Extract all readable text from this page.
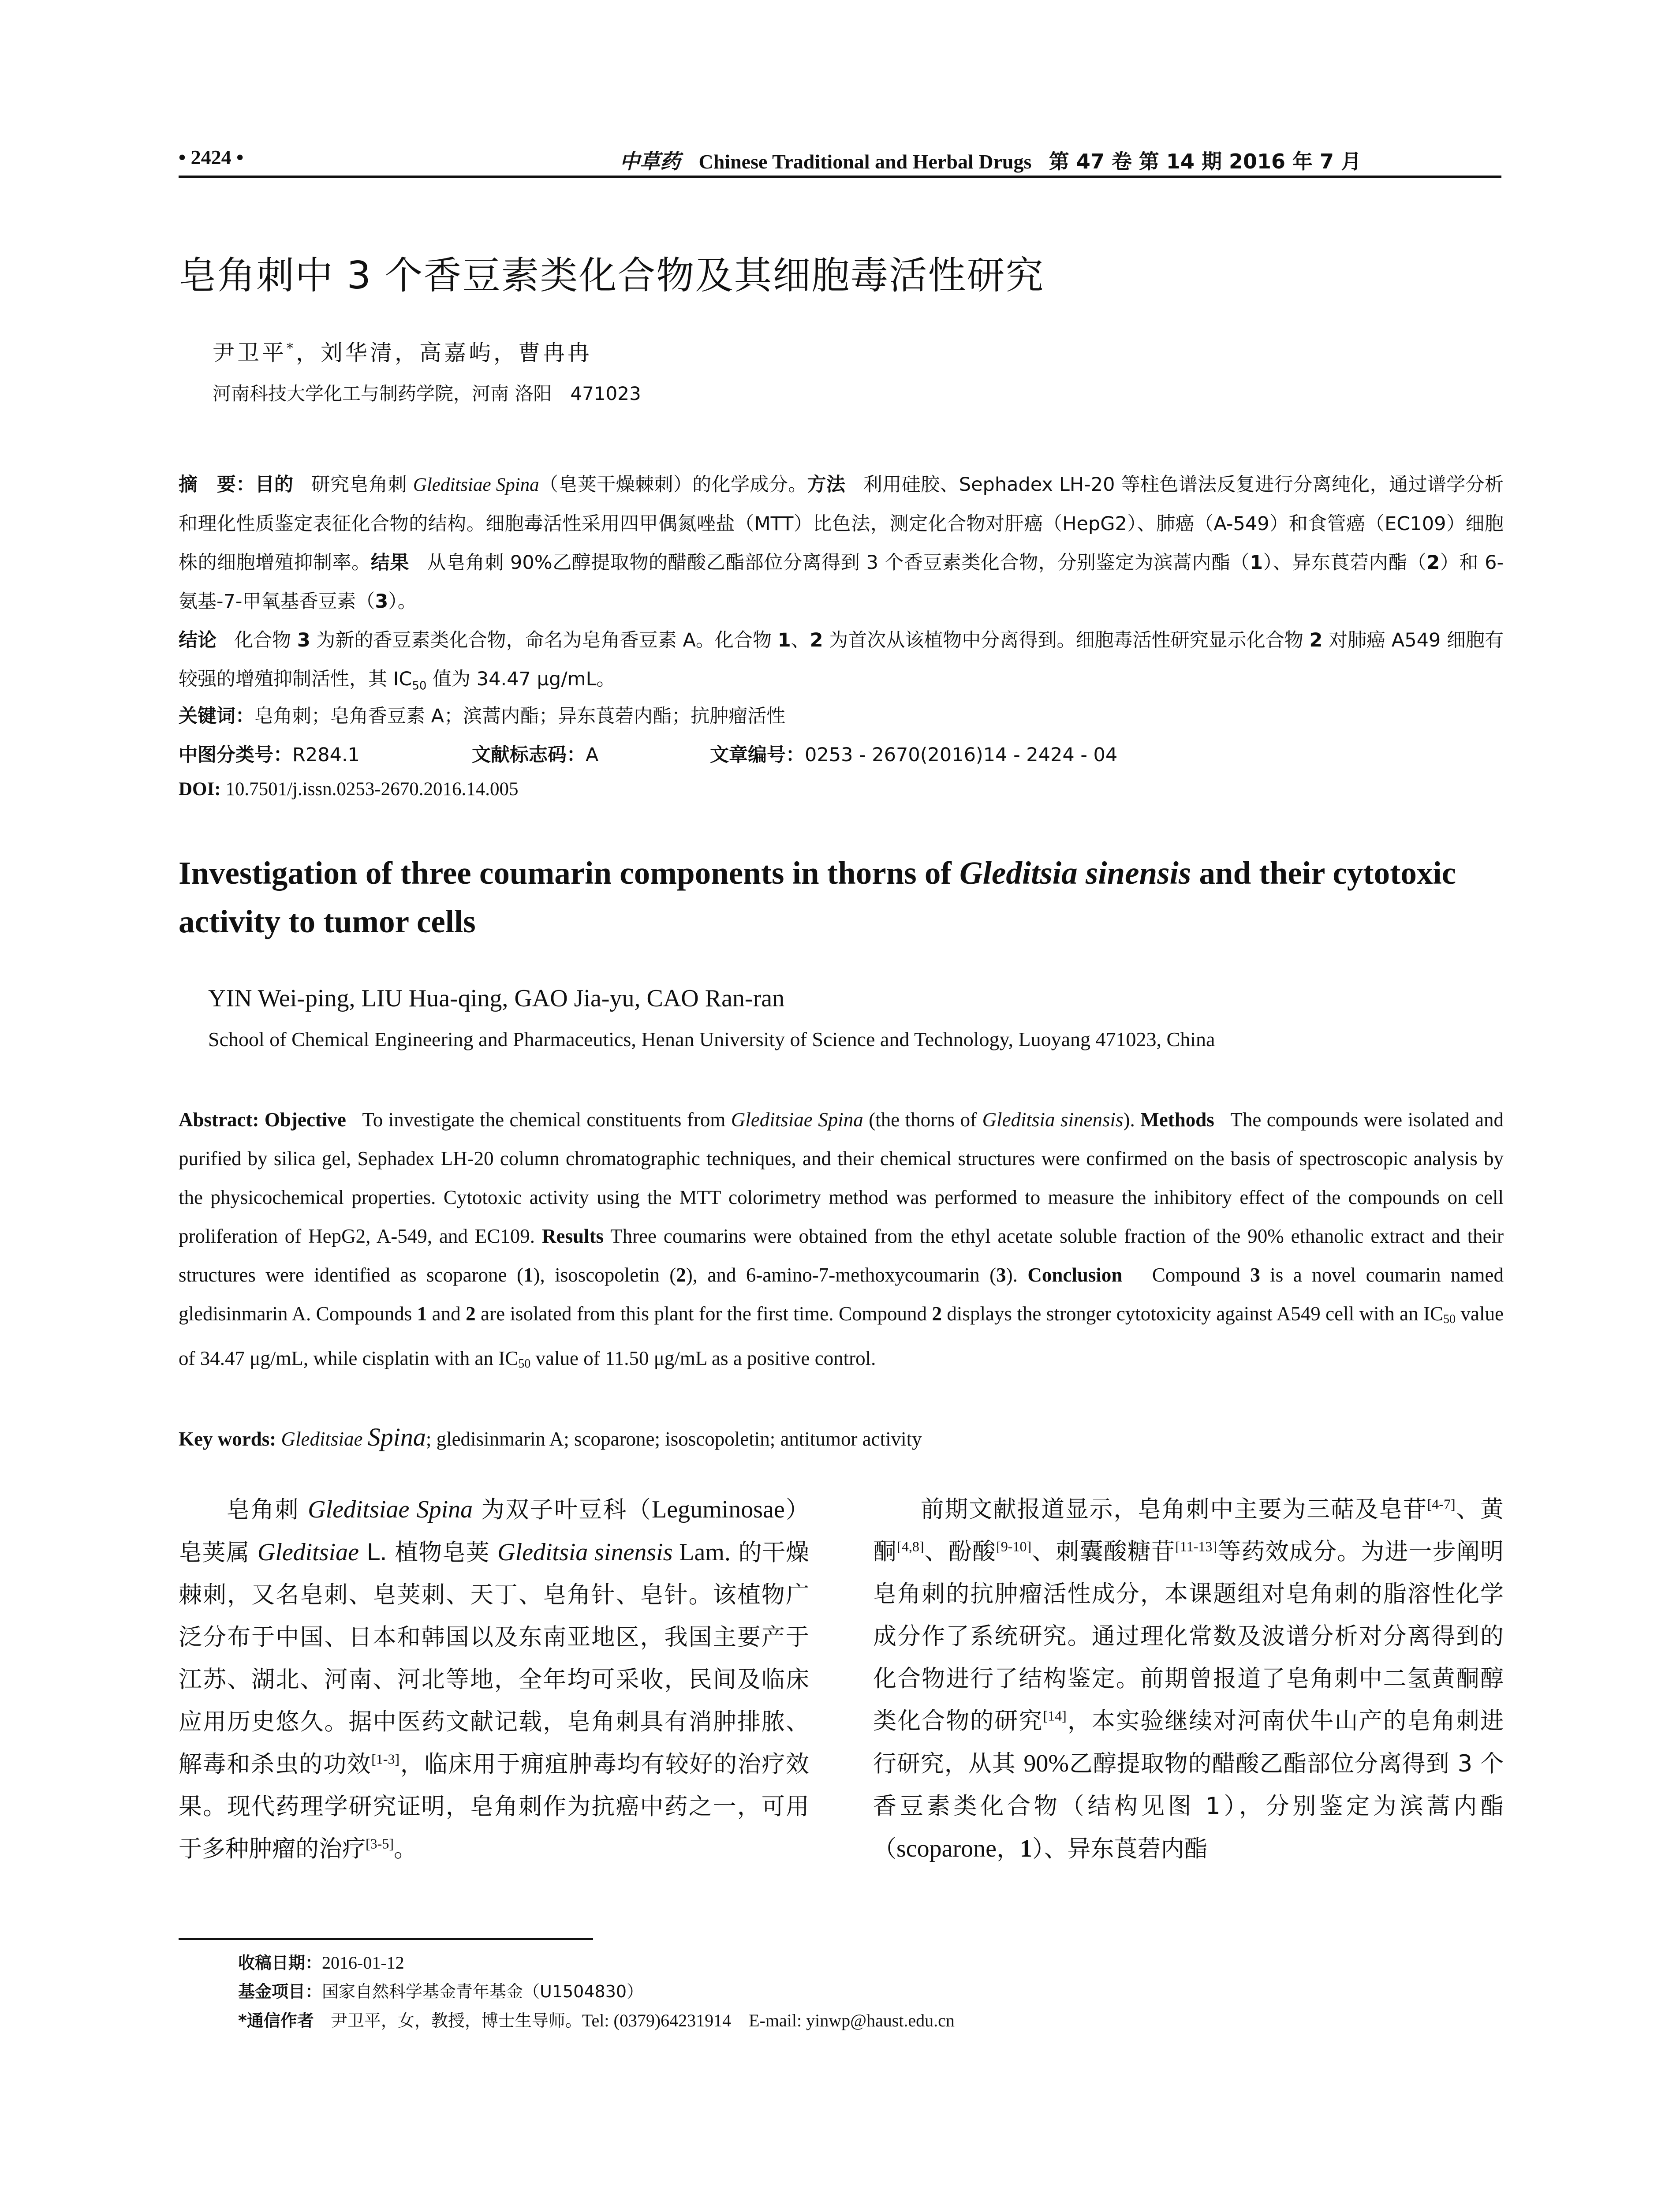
• 2424 •	中草药 Chinese Traditional and Herbal Drugs 第 47 卷 第 14 期 2016 年 7 月
皂角刺中 3 个香豆素类化合物及其细胞毒活性研究
尹卫平*，刘华清，高嘉屿，曹冉冉
河南科技大学化工与制药学院，河南 洛阳　471023
摘　要：目的 研究皂角刺 Gleditsiae Spina（皂荚干燥棘刺）的化学成分。方法 利用硅胶、Sephadex LH-20 等柱色谱法反复进行分离纯化，通过谱学分析和理化性质鉴定表征化合物的结构。细胞毒活性采用四甲偶氮唑盐（MTT）比色法，测定化合物对肝癌（HepG2）、肺癌（A-549）和食管癌（EC109）细胞株的细胞增殖抑制率。结果 从皂角刺 90%乙醇提取物的醋酸乙酯部位分离得到 3 个香豆素类化合物，分别鉴定为滨蒿内酯（1）、异东莨菪内酯（2）和 6-氨基-7-甲氧基香豆素（3）。
结论 化合物 3 为新的香豆素类化合物，命名为皂角香豆素 A。化合物 1、2 为首次从该植物中分离得到。细胞毒活性研究显示化合物 2 对肺癌 A549 细胞有较强的增殖抑制活性，其 $IC_{50}$ 值为 34.47 μg/mL。
关键词：皂角刺；皂角香豆素 A；滨蒿内酯；异东莨菪内酯；抗肿瘤活性
中图分类号：R284.1	文献标志码：A	文章编号：0253 - 2670(2016)14 - 2424 - 04
DOI: 10.7501/j.issn.0253-2670.2016.14.005
Investigation of three coumarin components in thorns of Gleditsia sinensis and their cytotoxic activity to tumor cells
YIN Wei-ping, LIU Hua-qing, GAO Jia-yu, CAO Ran-ran
School of Chemical Engineering and Pharmaceutics, Henan University of Science and Technology, Luoyang 471023, China
Abstract: Objective To investigate the chemical constituents from Gleditsiae Spina (the thorns of Gleditsia sinensis). Methods The compounds were isolated and purified by silica gel, Sephadex LH-20 column chromatographic techniques, and their chemical structures were confirmed on the basis of spectroscopic analysis by the physicochemical properties. Cytotoxic activity using the MTT colorimetry method was performed to measure the inhibitory effect of the compounds on cell proliferation of HepG2, A-549, and EC109. Results Three coumarins were obtained from the ethyl acetate soluble fraction of the 90% ethanolic extract and their structures were identified as scoparone (1), isoscopoletin (2), and 6-amino-7-methoxycoumarin (3). Conclusion Compound 3 is a novel coumarin named gledisinmarin A. Compounds 1 and 2 are isolated from this plant for the first time. Compound 2 displays the stronger cytotoxicity against A549 cell with an $IC_{50}$ value of 34.47 μg/mL, while cisplatin with an $IC_{50}$ value of 11.50 μg/mL as a positive control.
Key words: Gleditsiae Spina; gledisinmarin A; scoparone; isoscopoletin; antitumor activity
皂角刺 Gleditsiae Spina 为双子叶豆科（Leguminosae）皂荚属 Gleditsiae L. 植物皂荚 Gleditsia sinensis Lam. 的干燥棘刺，又名皂刺、皂荚刺、天丁、皂角针、皂针。该植物广泛分布于中国、日本和韩国以及东南亚地区，我国主要产于江苏、湖北、河南、河北等地，全年均可采收，民间及临床应用历史悠久。据中医药文献记载，皂角刺具有消肿排脓、解毒和杀虫的功效[1-3]，临床用于痈疽肿毒均有较好的治疗效果。现代药理学研究证明，皂角刺作为抗癌中药之一，可用于多种肿瘤的治疗[3-5]。
前期文献报道显示，皂角刺中主要为三萜及皂苷[4-7]、黄酮[4,8]、酚酸[9-10]、刺囊酸糖苷[11-13]等药效成分。为进一步阐明皂角刺的抗肿瘤活性成分，本课题组对皂角刺的脂溶性化学成分作了系统研究。通过理化常数及波谱分析对分离得到的化合物进行了结构鉴定。前期曾报道了皂角刺中二氢黄酮醇类化合物的研究[14]，本实验继续对河南伏牛山产的皂角刺进行研究，从其 90%乙醇提取物的醋酸乙酯部位分离得到 3 个香豆素类化合物（结构见图 1），分别鉴定为滨蒿内酯（scoparone，1）、异东莨菪内酯
收稿日期：2016-01-12
基金项目：国家自然科学基金青年基金（U1504830）
*通信作者　尹卫平，女，教授，博士生导师。Tel: (0379)64231914　E-mail: yinwp@haust.edu.cn
